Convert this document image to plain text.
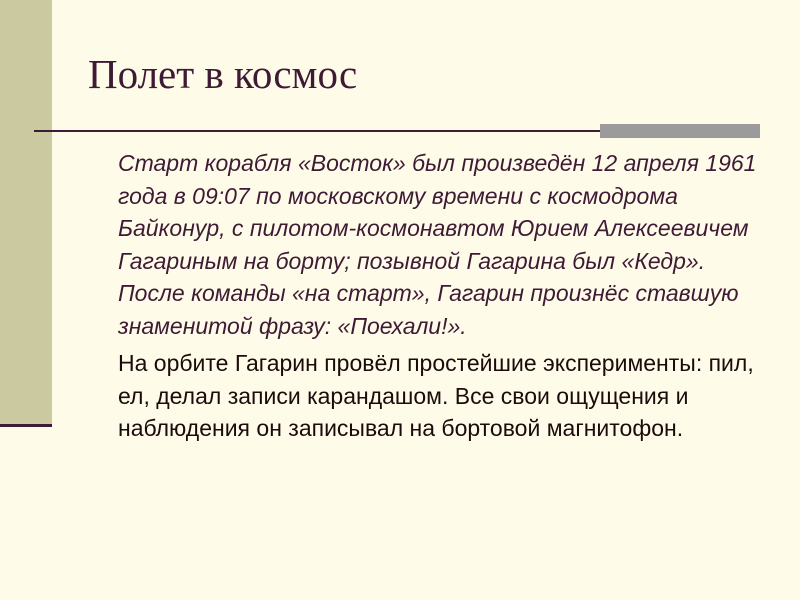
Полет в космос

Старт корабля «Восток» был произведён 12 апреля 1961 года в 09:07 по московскому времени с космодрома Байконур, с пилотом-космонавтом Юрием Алексеевичем Гагариным на борту; позывной Гагарина был «Кедр». После команды «на старт», Гагарин произнёс ставшую знаменитой фразу: «Поехали!».

На орбите Гагарин провёл простейшие эксперименты: пил, ел, делал записи карандашом. Все свои ощущения и наблюдения он записывал на бортовой магнитофон.
